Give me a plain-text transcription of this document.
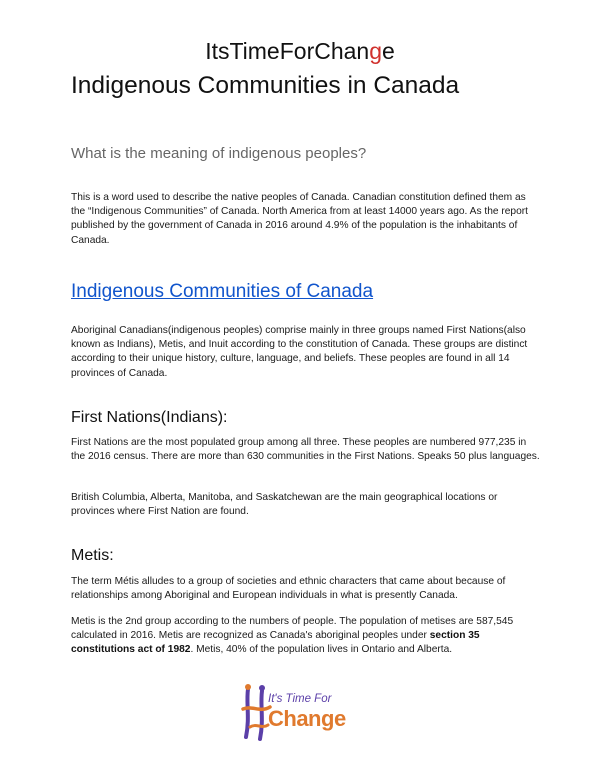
ItsTimeForChange
Indigenous Communities in Canada
What is the meaning of indigenous peoples?
This is a word used to describe the native peoples of Canada. Canadian constitution defined them as the “Indigenous Communities” of Canada. North America from at least 14000 years ago. As the report published by the government of Canada in 2016 around 4.9% of the population is the inhabitants of Canada.
Indigenous Communities of Canada
Aboriginal Canadians(indigenous peoples) comprise mainly in three groups named First Nations(also known as Indians), Metis, and Inuit according to the constitution of Canada. These groups are distinct according to their unique history, culture, language, and beliefs. These peoples are found in all 14 provinces of Canada.
First Nations(Indians):
First Nations are the most populated group among all three. These peoples are numbered 977,235 in the 2016 census. There are more than 630 communities in the First Nations. Speaks 50 plus languages.
British Columbia, Alberta, Manitoba, and Saskatchewan are the main geographical locations or provinces where First Nation are found.
Metis:
The term Métis alludes to a group of societies and ethnic characters that came about because of relationships among Aboriginal and European individuals in what is presently Canada.
Metis is the 2nd group according to the numbers of people. The population of metises are 587,545 calculated in 2016. Metis are recognized as Canada's aboriginal peoples under section 35 constitutions act of 1982. Metis, 40% of the population lives in Ontario and Alberta.
It's Time For
Change
